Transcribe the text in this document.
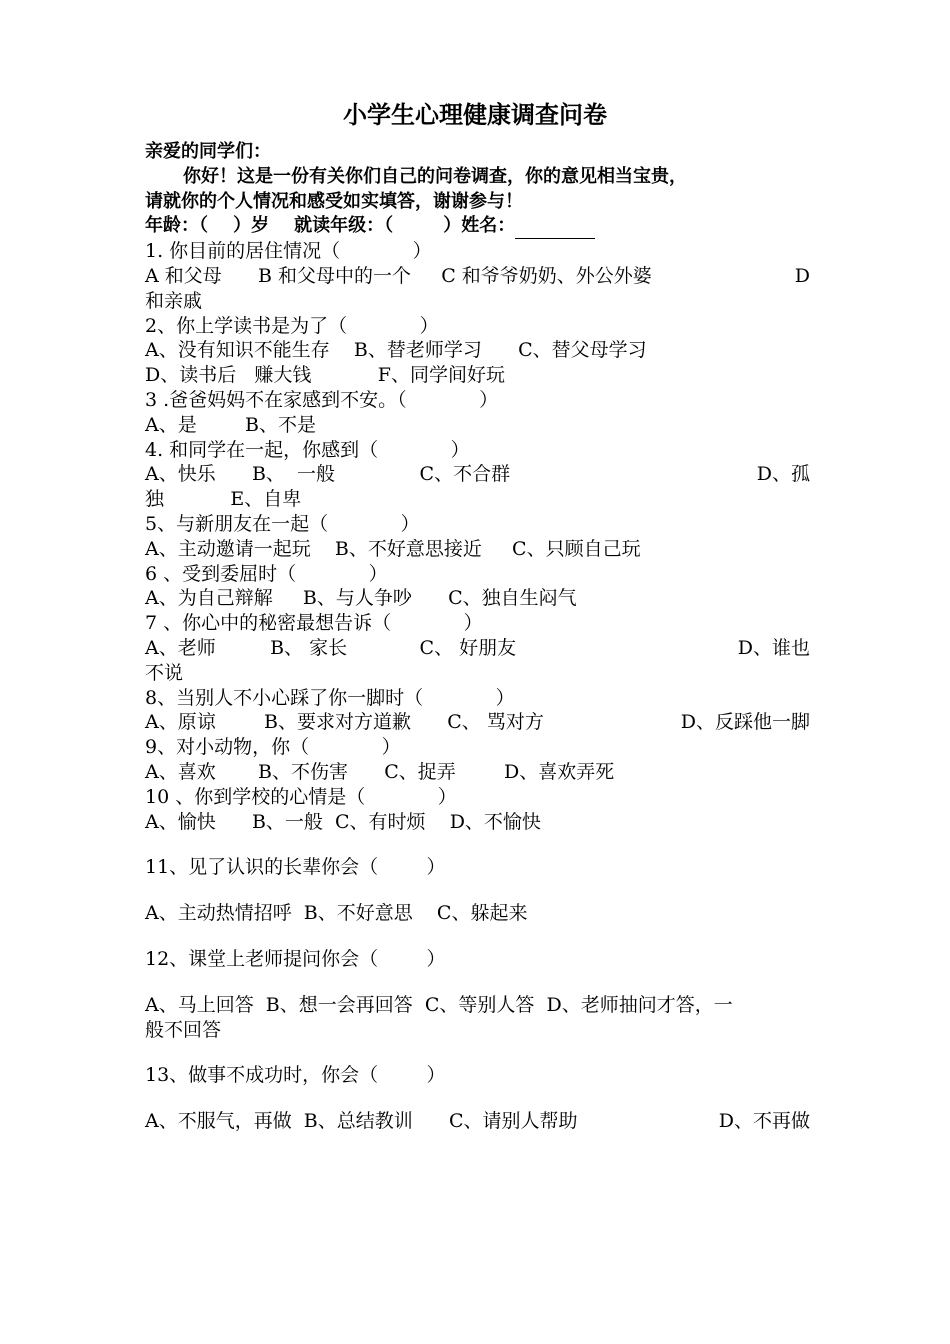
小学生心理健康调查问卷
亲爱的同学们：
你好！这是一份有关你们自己的问卷调查，你的意见相当宝贵，
请就你的个人情况和感受如实填答，谢谢参与！
年龄：（    ）岁    就读年级：（        ）姓名：
1. 你目前的居住情况（            ）
A 和父母      B 和父母中的一个     C 和爷爷奶奶、外公外婆	D
和亲戚
2、你上学读书是为了（            ）
A、没有知识不能生存    B、替老师学习      C、替父母学习
D、读书后   赚大钱           F、同学间好玩
3 .爸爸妈妈不在家感到不安。（            ）
A、是        B、不是
4. 和同学在一起，你感到（            ）
A、快乐      B、  一般              C、不合群	D、孤
独           E、自卑
5、与新朋友在一起（            ）
A、主动邀请一起玩    B、不好意思接近     C、只顾自己玩
6 、受到委屈时（            ）
A、为自己辩解     B、与人争吵      C、独自生闷气
7 、你心中的秘密最想告诉（            ）
A、老师         B、 家长            C、 好朋友	D、谁也
不说
8、当别人不小心踩了你一脚时（            ）
A、原谅        B、要求对方道歉      C、 骂对方	D、反踩他一脚
9、对小动物，你（            ）
A、喜欢       B、不伤害      C、捉弄        D、喜欢弄死
10 、你到学校的心情是（            ）
A、愉快      B、一般  C、有时烦    D、不愉快
11、见了认识的长辈你会（        ）
A、主动热情招呼  B、不好意思    C、躲起来
12、课堂上老师提问你会（        ）
A、马上回答  B、想一会再回答  C、等别人答  D、老师抽问才答，一
般不回答
13、做事不成功时，你会（        ）
A、不服气，再做  B、总结教训      C、请别人帮助	D、不再做
